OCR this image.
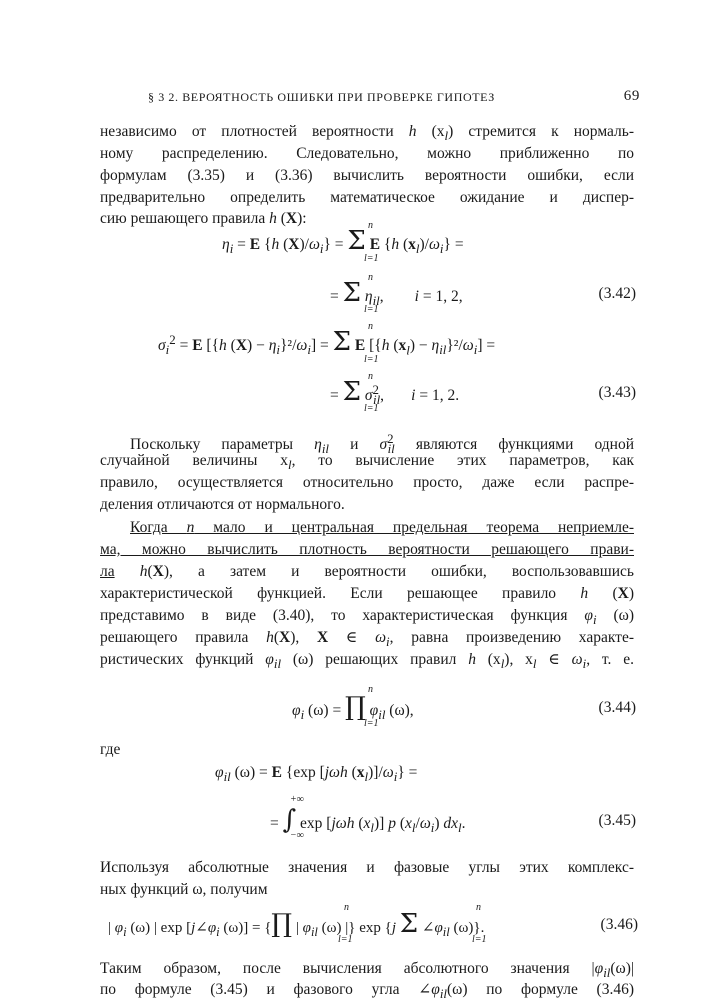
§ 3 2. ВЕРОЯТНОСТЬ ОШИБКИ ПРИ ПРОВЕРКЕ ГИПОТЕЗ	69
независимо от плотностей вероятности h $(x_l)$ стремится к нормаль-
ному распределению. Следовательно, можно приближенно по
формулам (3.35) и (3.36) вычислить вероятности ошибки, если
предварительно определить математическое ожидание и диспер-
сию решающего правила h (X):
$\eta_i = E$ {h $(X)/\omega_i\} = \Sigma$ E {h $(x_l)/\omega_i$} =
n
l=1
= Σ $\eta_{il}$,        i = 1, 2,
n
l=1
(3.42)
$\sigma_i^2 = E$ [{h $(X) - \eta_i\}^2/\omega_i] = \Sigma$ E [{h $(x_l) - \eta_{il}\}^2/\omega_i$] =
n
l=1
= Σ $\sigma^2_{il}$,       i = 1, 2.
n
l=1
(3.43)
Поскольку параметры $\eta_{il}$ и $\sigma^2_{il}$ являются функциями одной
случайной величины $x_l$, то вычисление этих параметров, как
правило, осуществляется относительно просто, даже если распре-
деления отличаются от нормального.
Когда n мало и центральная предельная теорема неприемле-
ма, можно вычислить плотность вероятности решающего прави-
ла h(X), а затем и вероятности ошибки, воспользовавшись
характеристической функцией. Если решающее правило h (X)
представимо в виде (3.40), то характеристическая функция $\varphi_i$ (ω)
решающего правила h(X), X ∈ $\omega_i$, равна произведению характе-
ристических функций $\varphi_{il}$ (ω) решающих правил h $(x_l)$, $x_l$ ∈ $\omega_i$, т. е.
$\varphi_i$ (ω) = ∏ $\varphi_{il}$ (ω),
n
l=1
(3.44)
где
$\varphi_{il}$ (ω) = E {exp [jωh $(x_l)]/\omega_i$} =
= ∫ exp [jωh $(x_l)$] p $(x_l/\omega_i)$ $dx_l$.
+∞
−∞
(3.45)
Используя абсолютные значения и фазовые углы этих комплекс-
ных функций ω, получим
| $\varphi_i$ (ω) | $\exp [j\angle\varphi_i$ (ω)] = {∏ | $\varphi_{il}$ (ω) |} exp {j Σ $\angle\varphi_{il}$ (ω)}.
n
l=1
n
l=1
(3.46)
Таким образом, после вычисления абсолютного значения $|\varphi_{il}(\omega)|$
по формуле (3.45) и фазового угла $\angle\varphi_{il}(\omega)$ по формуле (3.46)
